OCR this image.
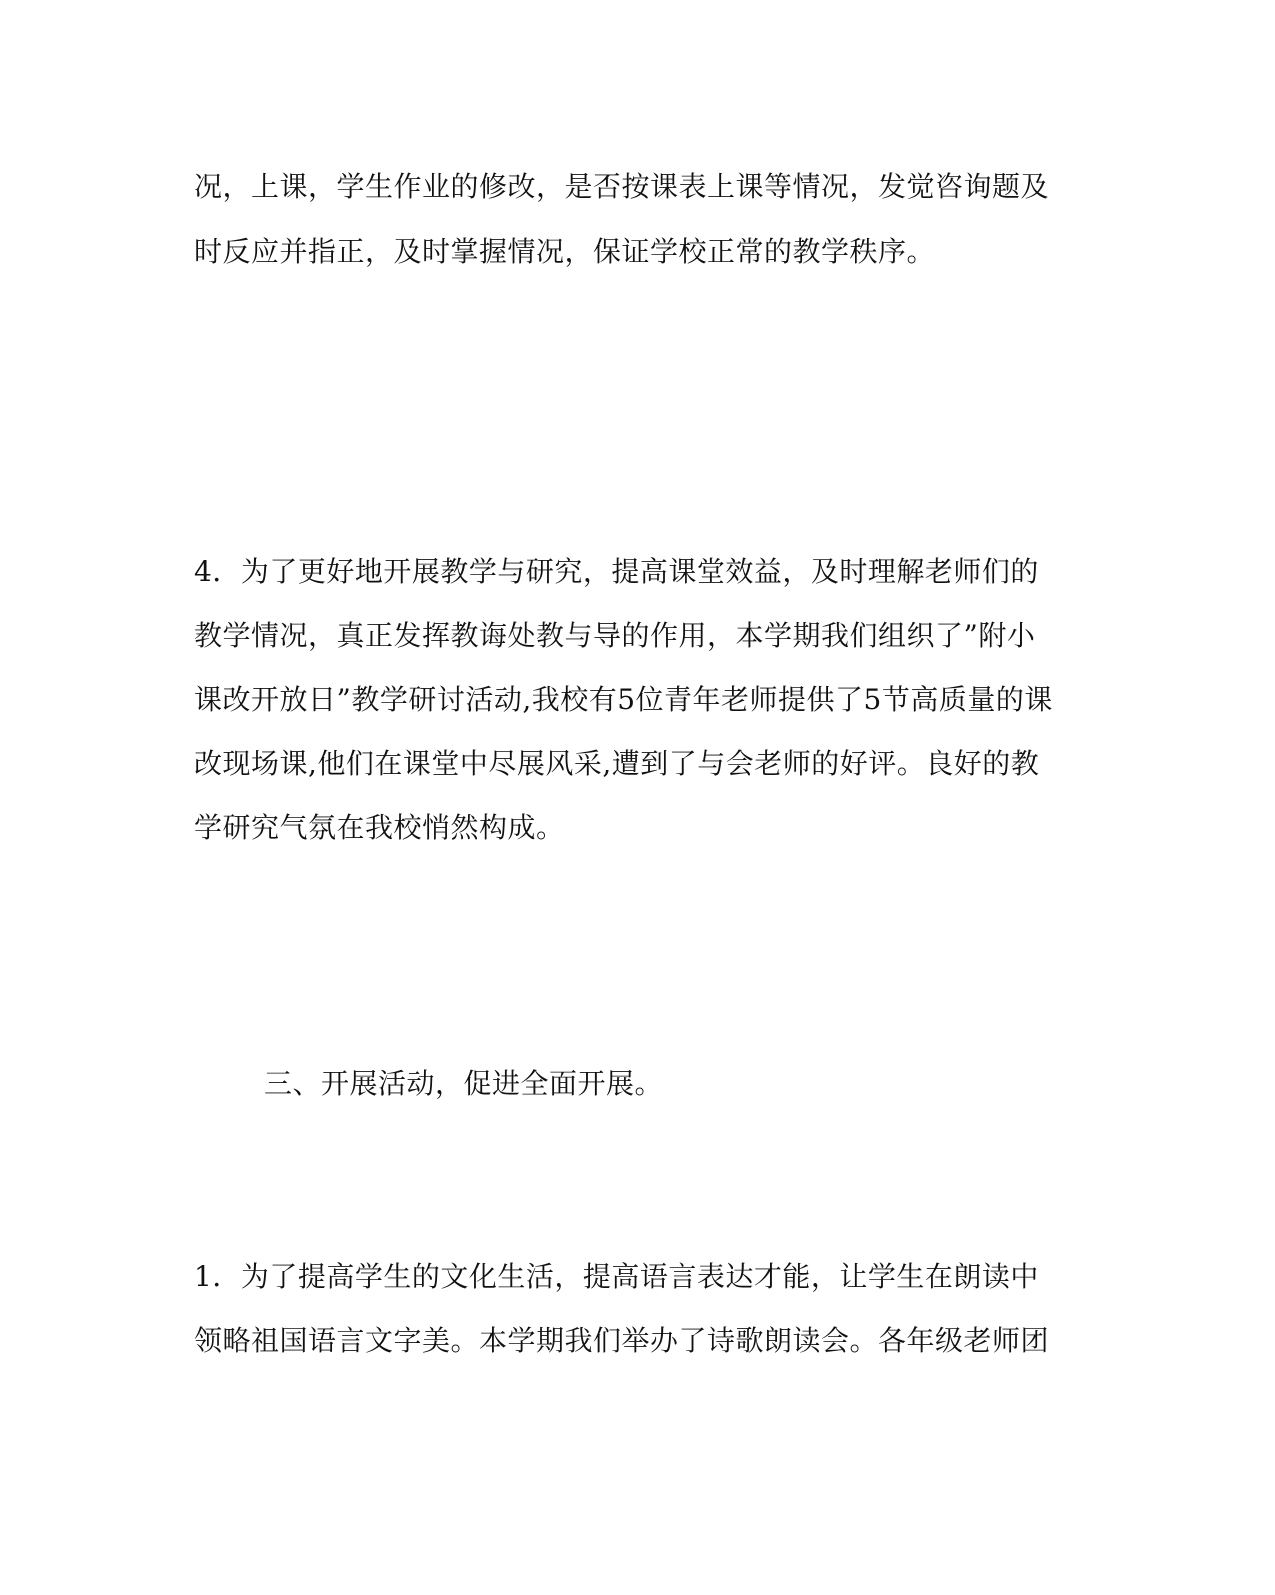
况，上课，学生作业的修改，是否按课表上课等情况，发觉咨询题及
时反应并指正，及时掌握情况，保证学校正常的教学秩序。
4．为了更好地开展教学与研究，提高课堂效益，及时理解老师们的
教学情况，真正发挥教诲处教与导的作用，本学期我们组织了”附小
课改开放日”教学研讨活动,我校有5位青年老师提供了5节高质量的课
改现场课,他们在课堂中尽展风采,遭到了与会老师的好评。良好的教
学研究气氛在我校悄然构成。
三、开展活动，促进全面开展。
1．为了提高学生的文化生活，提高语言表达才能，让学生在朗读中
领略祖国语言文字美。本学期我们举办了诗歌朗读会。各年级老师团
